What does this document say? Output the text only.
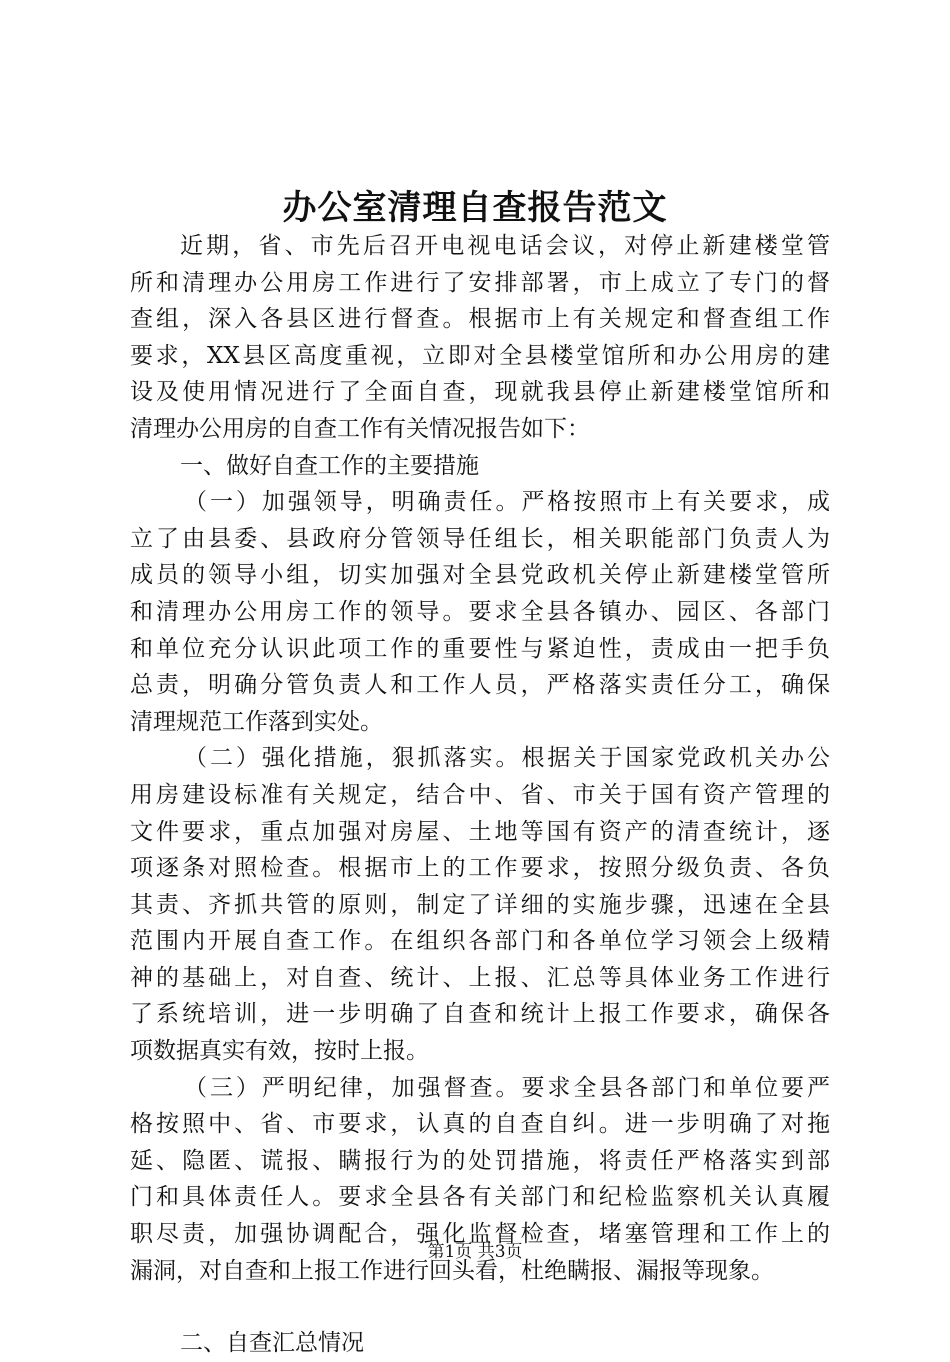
办公室清理自查报告范文
近期，省、市先后召开电视电话会议，对停止新建楼堂管
所和清理办公用房工作进行了安排部署，市上成立了专门的督
查组，深入各县区进行督查。根据市上有关规定和督查组工作
要求，XX县区高度重视，立即对全县楼堂馆所和办公用房的建
设及使用情况进行了全面自查，现就我县停止新建楼堂馆所和
清理办公用房的自查工作有关情况报告如下：
一、做好自查工作的主要措施
（一）加强领导，明确责任。严格按照市上有关要求，成
立了由县委、县政府分管领导任组长，相关职能部门负责人为
成员的领导小组，切实加强对全县党政机关停止新建楼堂管所
和清理办公用房工作的领导。要求全县各镇办、园区、各部门
和单位充分认识此项工作的重要性与紧迫性，责成由一把手负
总责，明确分管负责人和工作人员，严格落实责任分工，确保
清理规范工作落到实处。
（二）强化措施，狠抓落实。根据关于国家党政机关办公
用房建设标准有关规定，结合中、省、市关于国有资产管理的
文件要求，重点加强对房屋、土地等国有资产的清查统计，逐
项逐条对照检查。根据市上的工作要求，按照分级负责、各负
其责、齐抓共管的原则，制定了详细的实施步骤，迅速在全县
范围内开展自查工作。在组织各部门和各单位学习领会上级精
神的基础上，对自查、统计、上报、汇总等具体业务工作进行
了系统培训，进一步明确了自查和统计上报工作要求，确保各
项数据真实有效，按时上报。
（三）严明纪律，加强督查。要求全县各部门和单位要严
格按照中、省、市要求，认真的自查自纠。进一步明确了对拖
延、隐匿、谎报、瞒报行为的处罚措施，将责任严格落实到部
门和具体责任人。要求全县各有关部门和纪检监察机关认真履
职尽责，加强协调配合，强化监督检查，堵塞管理和工作上的
漏洞，对自查和上报工作进行回头看，杜绝瞒报、漏报等现象。
二、自查汇总情况
第1页 共3页
